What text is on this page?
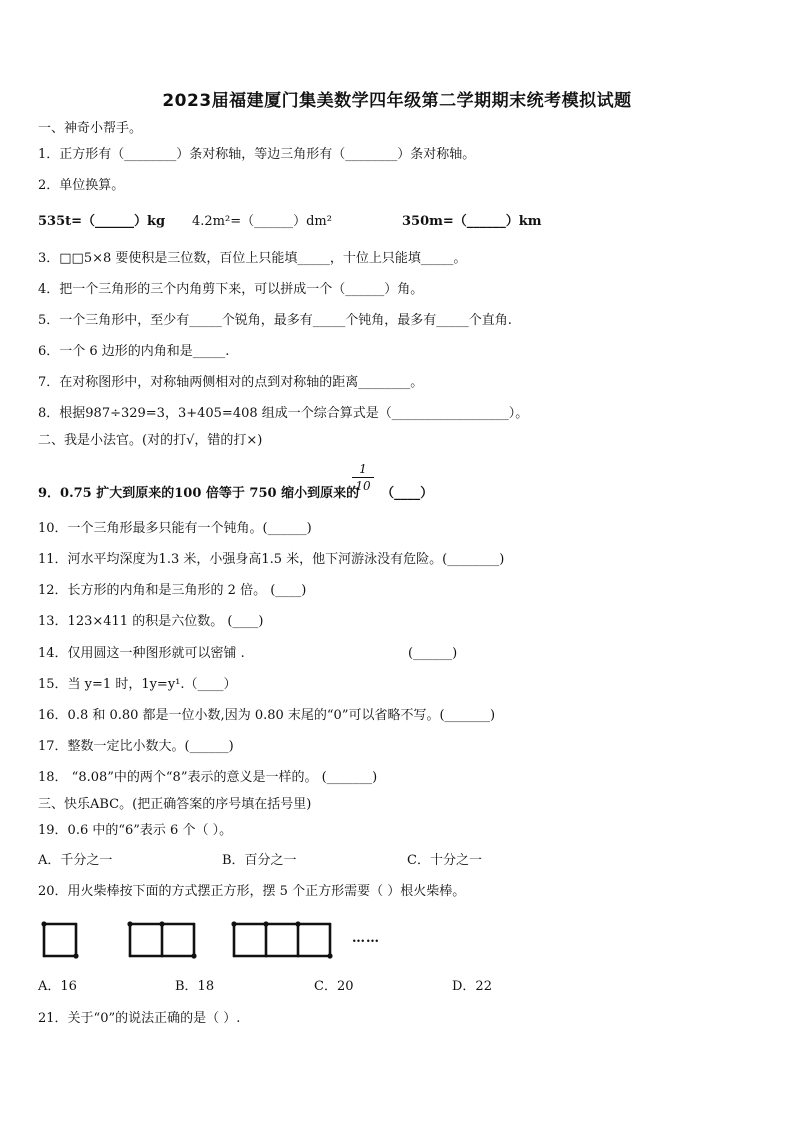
2023届福建厦门集美数学四年级第二学期期末统考模拟试题
一、神奇小帮手。
1．正方形有（________）条对称轴，等边三角形有（________）条对称轴。
2．单位换算。
535t=（______）kg 4.2m²=（______）dm²	350m=（______）km
3．□□5×8 要使积是三位数，百位上只能填_____，十位上只能填_____。
4．把一个三角形的三个内角剪下来，可以拼成一个（______）角。
5．一个三角形中，至少有_____个锐角，最多有_____个钝角，最多有_____个直角.
6．一个 6 边形的内角和是_____.
7．在对称图形中，对称轴两侧相对的点到对称轴的距离________。
8．根据987÷329=3，3+405=408 组成一个综合算式是（__________________）。
二、我是小法官。(对的打√，错的打×)
9．0.75 扩大到原来的100 倍等于 750 缩小到原来的 （____）
1
10
10．一个三角形最多只能有一个钝角。(______)
11．河水平均深度为1.3 米，小强身高1.5 米，他下河游泳没有危险。(________)
12．长方形的内角和是三角形的 2 倍。 (____)
13．123×411 的积是六位数。 (____)
14．仅用圆这一种图形就可以密铺 .	(______)
15．当 y=1 时，1y=y¹.（____）
16．0.8 和 0.80 都是一位小数,因为 0.80 末尾的“0”可以省略不写。(_______)
17．整数一定比小数大。(______)
18． “8.08”中的两个“8”表示的意义是一样的。 (_______)
三、快乐ABC。(把正确答案的序号填在括号里)
19．0.6 中的“6”表示 6 个（ ）。
A．千分之一	B．百分之一	C．十分之一
20．用火柴棒按下面的方式摆正方形，摆 5 个正方形需要（ ）根火柴棒。
……
A．16	B．18	C．20	D．22
21．关于“0”的说法正确的是（ ）.
